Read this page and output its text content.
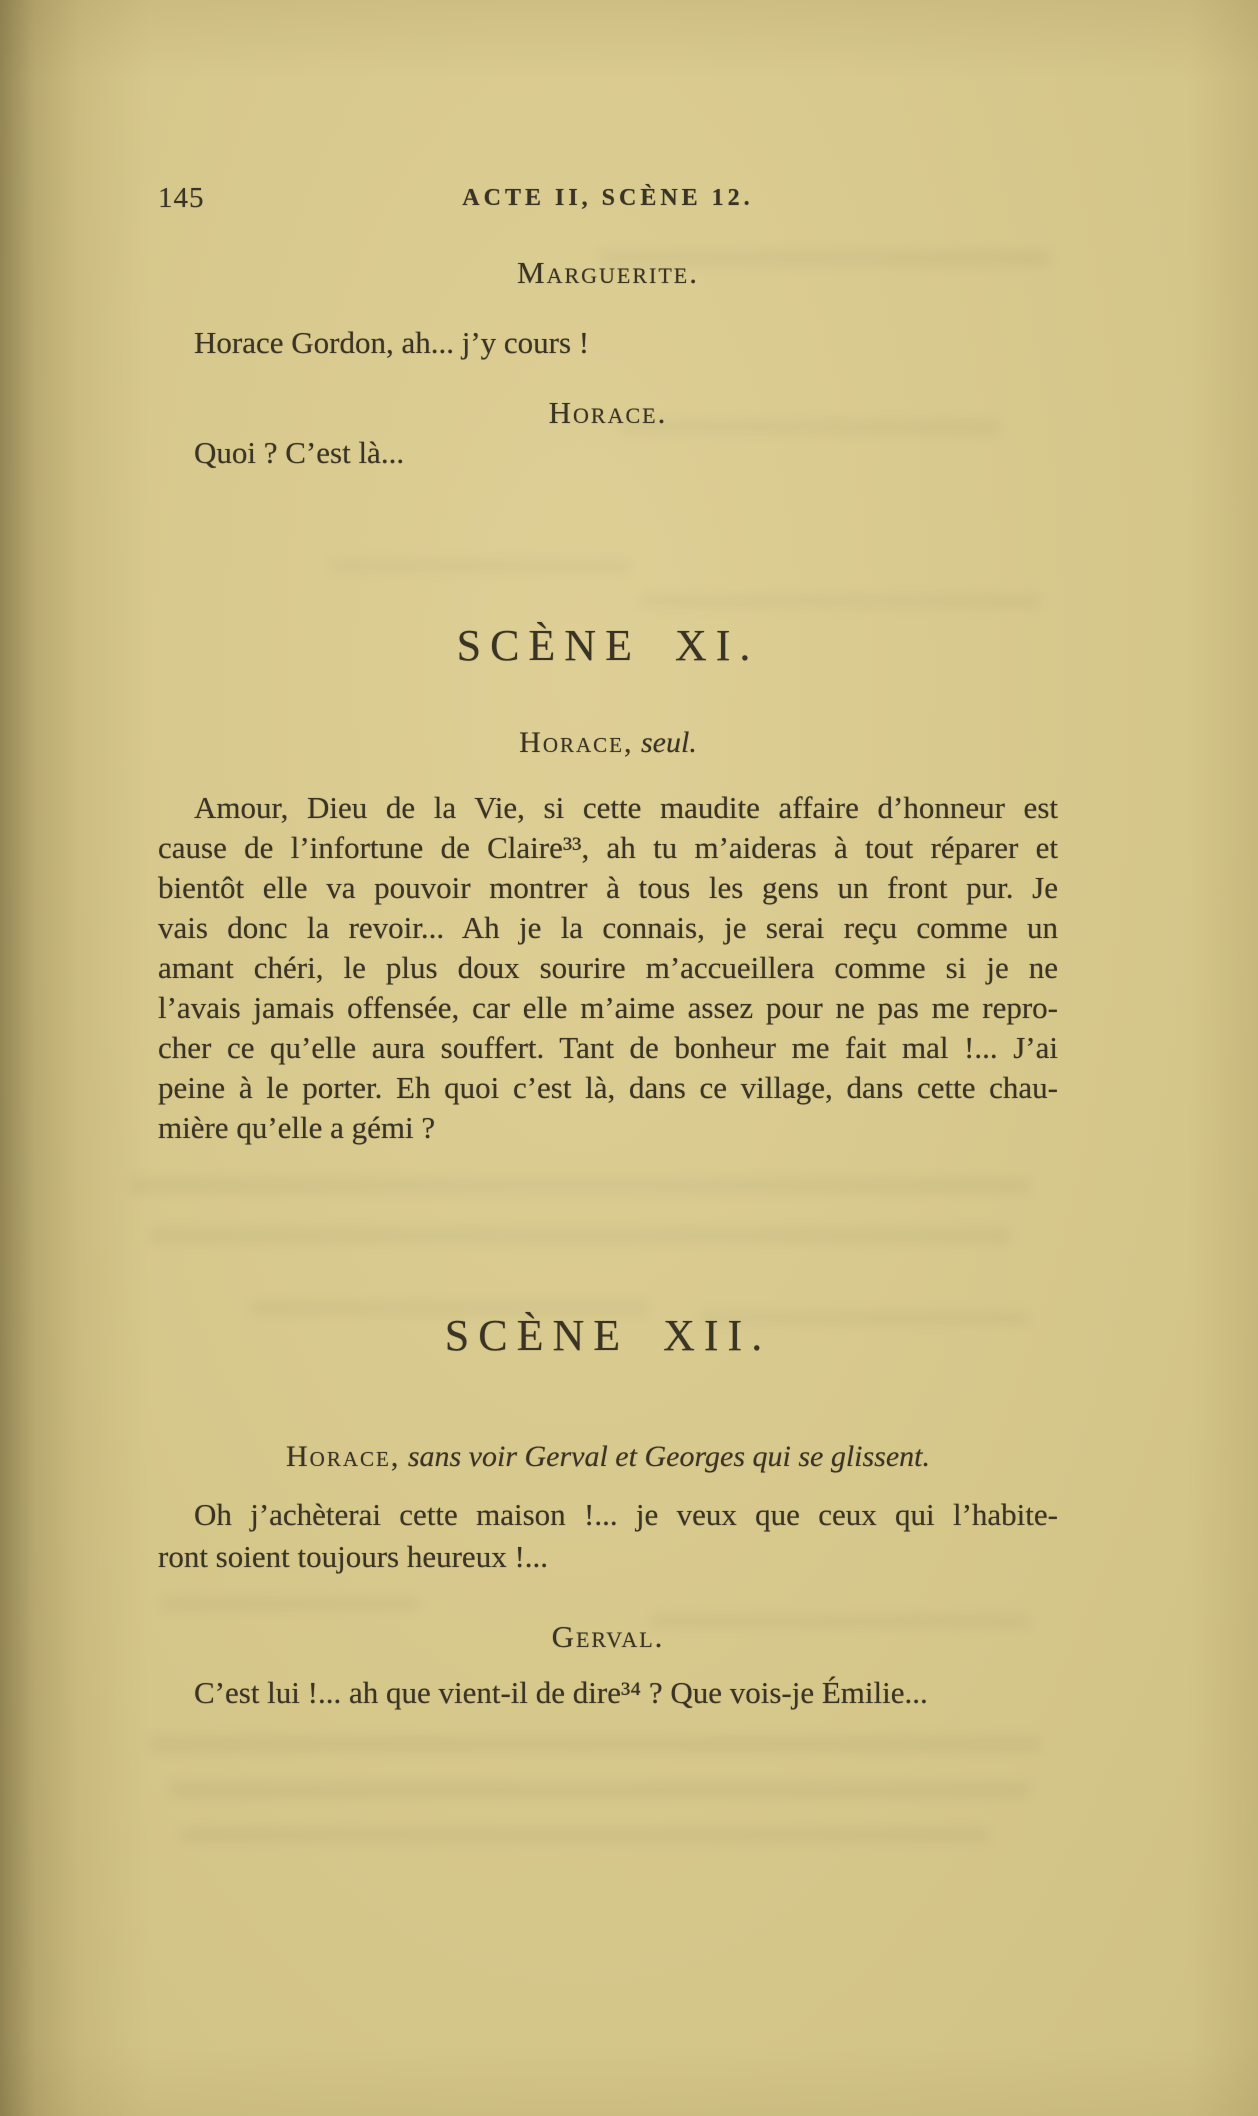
ACTE II, SCÈNE 12.
145
Marguerite.
Horace Gordon, ah... j’y cours !
Horace.
Quoi ? C’est là...
SCÈNE XI.
Horace, seul.
Amour, Dieu de la Vie, si cette maudite affaire d’honneur est
cause de l’infortune de Claire³³, ah tu m’aideras à tout réparer et
bientôt elle va pouvoir montrer à tous les gens un front pur. Je
vais donc la revoir... Ah je la connais, je serai reçu comme un
amant chéri, le plus doux sourire m’accueillera comme si je ne
l’avais jamais offensée, car elle m’aime assez pour ne pas me repro-
cher ce qu’elle aura souffert. Tant de bonheur me fait mal !... J’ai
peine à le porter. Eh quoi c’est là, dans ce village, dans cette chau-
mière qu’elle a gémi ?
SCÈNE XII.
Horace, sans voir Gerval et Georges qui se glissent.
Oh j’achèterai cette maison !... je veux que ceux qui l’habite-
ront soient toujours heureux !...
Gerval.
C’est lui !... ah que vient-il de dire³⁴ ? Que vois-je Émilie...
